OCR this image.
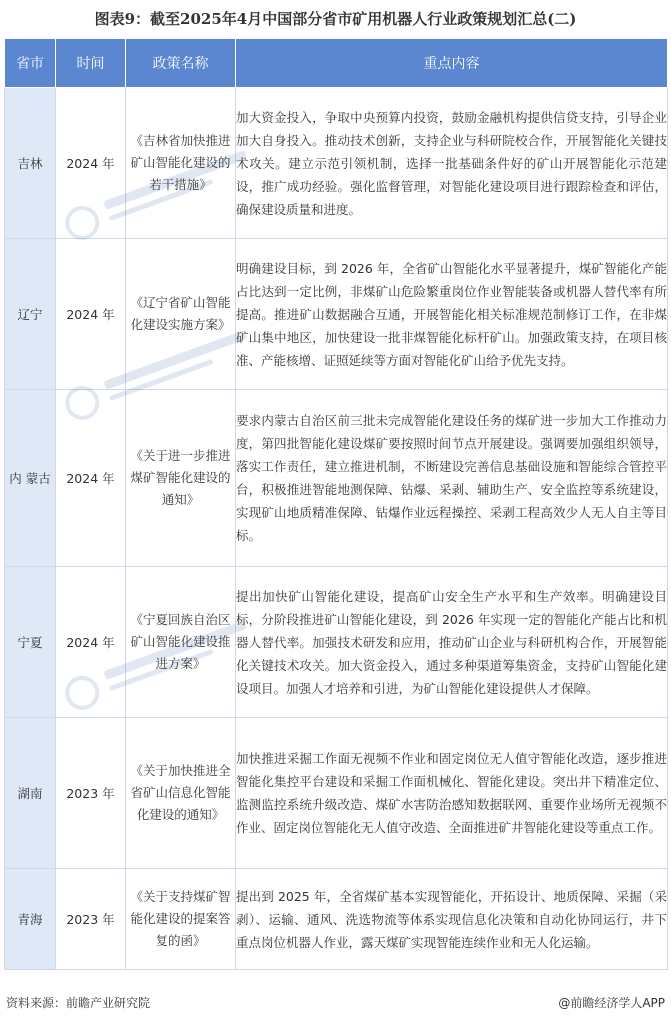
图表9：截至2025年4月中国部分省市矿用机器人行业政策规划汇总(二)
省市	时间	政策名称	重点内容
吉林	2024 年	《吉林省加快推进矿山智能化建设的若干措施》	加大资金投入，争取中央预算内投资，鼓励金融机构提供信贷支持，引导企业加大自身投入。推动技术创新，支持企业与科研院校合作，开展智能化关键技术攻关。建立示范引领机制，选择一批基础条件好的矿山开展智能化示范建设，推广成功经验。强化监督管理，对智能化建设项目进行跟踪检查和评估，确保建设质量和进度。
辽宁	2024 年	《辽宁省矿山智能化建设实施方案》	明确建设目标，到 2026 年，全省矿山智能化水平显著提升，煤矿智能化产能占比达到一定比例，非煤矿山危险繁重岗位作业智能装备或机器人替代率有所提高。推进矿山数据融合互通，开展智能化相关标准规范制修订工作，在非煤矿山集中地区，加快建设一批非煤智能化标杆矿山。加强政策支持，在项目核准、产能核增、证照延续等方面对智能化矿山给予优先支持。
内 蒙古	2024 年	《关于进一步推进煤矿智能化建设的通知》	要求内蒙古自治区前三批未完成智能化建设任务的煤矿进一步加大工作推动力度，第四批智能化建设煤矿要按照时间节点开展建设。强调要加强组织领导，落实工作责任，建立推进机制，不断建设完善信息基础设施和智能综合管控平台，积极推进智能地测保障、钻爆、采剥、辅助生产、安全监控等系统建设，实现矿山地质精准保障、钻爆作业远程操控、采剥工程高效少人无人自主等目标。
宁夏	2024 年	《宁夏回族自治区矿山智能化建设推进方案》	提出加快矿山智能化建设，提高矿山安全生产水平和生产效率。明确建设目标，分阶段推进矿山智能化建设，到 2026 年实现一定的智能化产能占比和机器人替代率。加强技术研发和应用，推动矿山企业与科研机构合作，开展智能化关键技术攻关。加大资金投入，通过多种渠道筹集资金，支持矿山智能化建设项目。加强人才培养和引进，为矿山智能化建设提供人才保障。
湖南	2023 年	《关于加快推进全省矿山信息化智能化建设的通知》	加快推进采掘工作面无视频不作业和固定岗位无人值守智能化改造，逐步推进智能化集控平台建设和采掘工作面机械化、智能化建设。突出井下精准定位、监测监控系统升级改造、煤矿水害防治感知数据联网、重要作业场所无视频不作业、固定岗位智能化无人值守改造、全面推进矿井智能化建设等重点工作。
青海	2023 年	《关于支持煤矿智能化建设的提案答复的函》	提出到 2025 年，全省煤矿基本实现智能化，开拓设计、地质保障、采掘（采剥）、运输、通风、洗选物流等体系实现信息化决策和自动化协同运行，井下重点岗位机器人作业，露天煤矿实现智能连续作业和无人化运输。
资料来源：前瞻产业研究院	@前瞻经济学人APP
